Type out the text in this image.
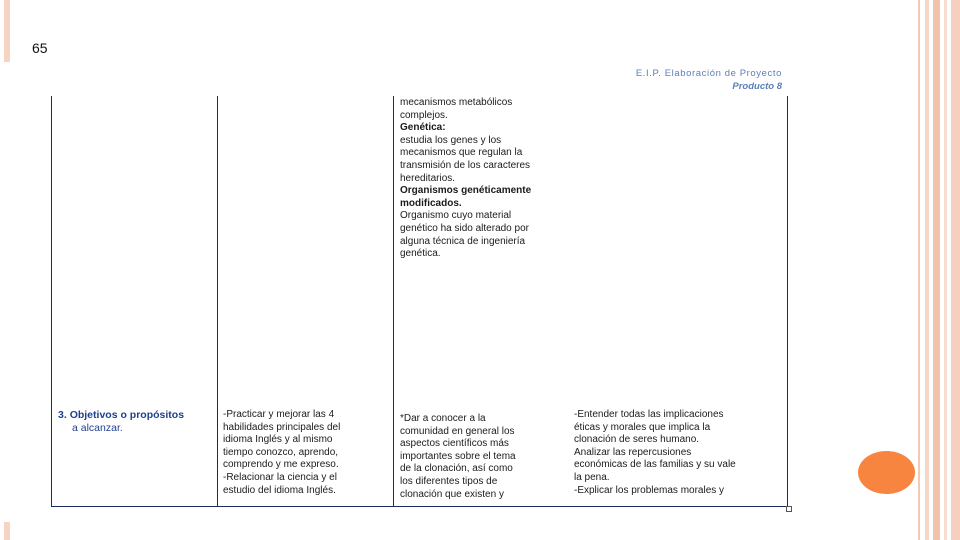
65
E.I.P. Elaboración de Proyecto
Producto 8
mecanismos metabólicos
complejos.
Genética:
estudia los genes y los
mecanismos que regulan la
transmisión de los caracteres
hereditarios.
Organismos genéticamente
modificados.
Organismo cuyo material
genético ha sido alterado por
alguna técnica de ingeniería
genética.
3. Objetivos o propósitos
a alcanzar.
-Practicar y mejorar las 4
habilidades principales del
idioma Inglés y al mismo
tiempo conozco, aprendo,
comprendo y me expreso.
-Relacionar la ciencia y el
estudio del idioma Inglés.
*Dar a conocer a la
comunidad en general los
aspectos científicos más
importantes sobre el tema
de la clonación, así como
los diferentes tipos de
clonación que existen y
-Entender todas las implicaciones
éticas y morales que implica la
clonación de seres humano.
Analizar las repercusiones
económicas de las familias y su vale
la pena.
-Explicar los problemas morales y
